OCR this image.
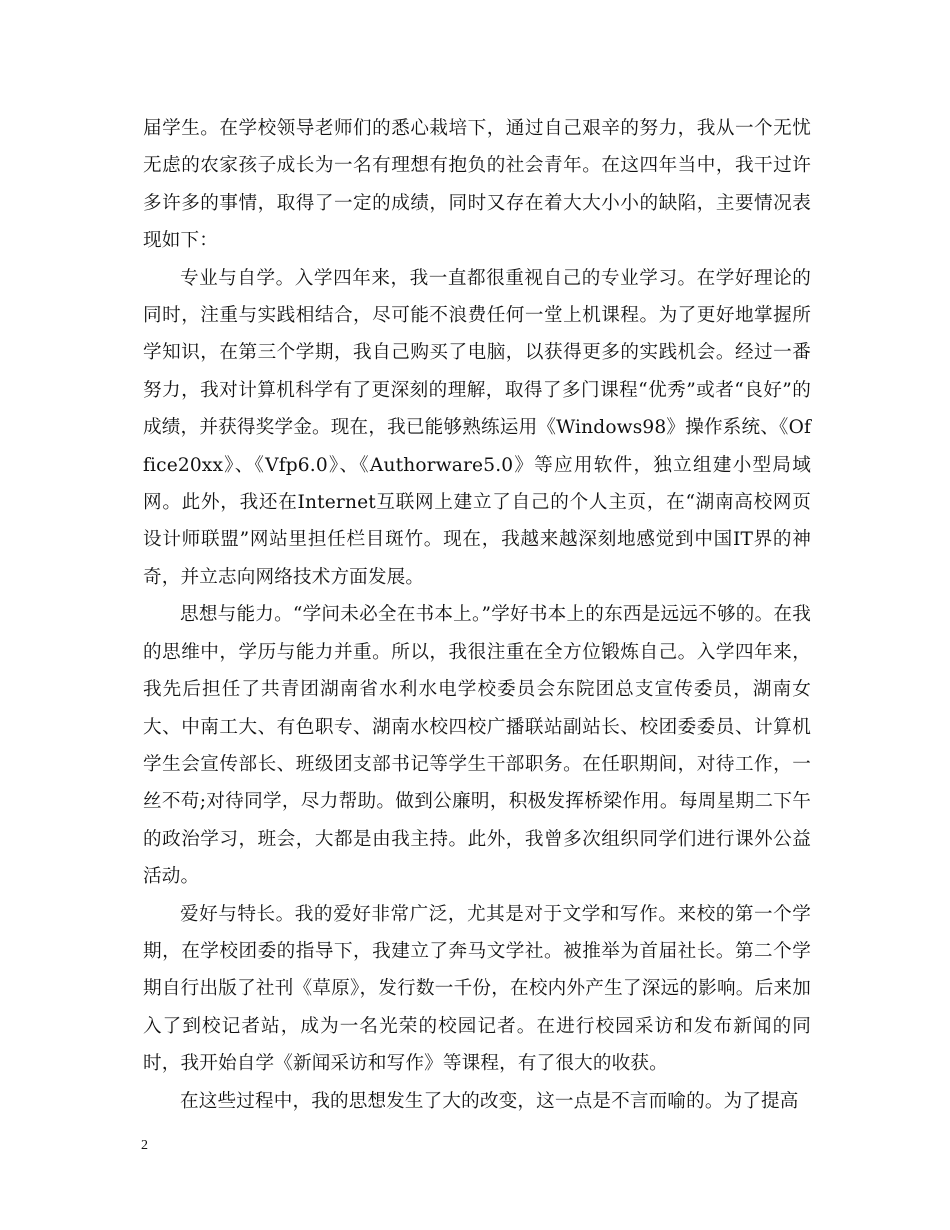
届学生。在学校领导老师们的悉心栽培下，通过自己艰辛的努力，我从一个无忧无虑的农家孩子成长为一名有理想有抱负的社会青年。在这四年当中，我干过许多许多的事情，取得了一定的成绩，同时又存在着大大小小的缺陷，主要情况表现如下：

专业与自学。入学四年来，我一直都很重视自己的专业学习。在学好理论的同时，注重与实践相结合，尽可能不浪费任何一堂上机课程。为了更好地掌握所学知识，在第三个学期，我自己购买了电脑，以获得更多的实践机会。经过一番努力，我对计算机科学有了更深刻的理解，取得了多门课程“优秀”或者“良好”的成绩，并获得奖学金。现在，我已能够熟练运用《Windows98》操作系统、《Office20xx》、《Vfp6.0》、《Authorware5.0》等应用软件，独立组建小型局域网。此外，我还在Internet互联网上建立了自己的个人主页，在“湖南高校网页设计师联盟”网站里担任栏目斑竹。现在，我越来越深刻地感觉到中国IT界的神奇，并立志向网络技术方面发展。

思想与能力。“学问未必全在书本上。”学好书本上的东西是远远不够的。在我的思维中，学历与能力并重。所以，我很注重在全方位锻炼自己。入学四年来，我先后担任了共青团湖南省水利水电学校委员会东院团总支宣传委员，湖南女大、中南工大、有色职专、湖南水校四校广播联站副站长、校团委委员、计算机学生会宣传部长、班级团支部书记等学生干部职务。在任职期间，对待工作，一丝不苟;对待同学，尽力帮助。做到公廉明，积极发挥桥梁作用。每周星期二下午的政治学习，班会，大都是由我主持。此外，我曾多次组织同学们进行课外公益活动。

爱好与特长。我的爱好非常广泛，尤其是对于文学和写作。来校的第一个学期，在学校团委的指导下，我建立了奔马文学社。被推举为首届社长。第二个学期自行出版了社刊《草原》，发行数一千份，在校内外产生了深远的影响。后来加入了到校记者站，成为一名光荣的校园记者。在进行校园采访和发布新闻的同时，我开始自学《新闻采访和写作》等课程，有了很大的收获。

在这些过程中，我的思想发生了大的改变，这一点是不言而喻的。为了提高

2
